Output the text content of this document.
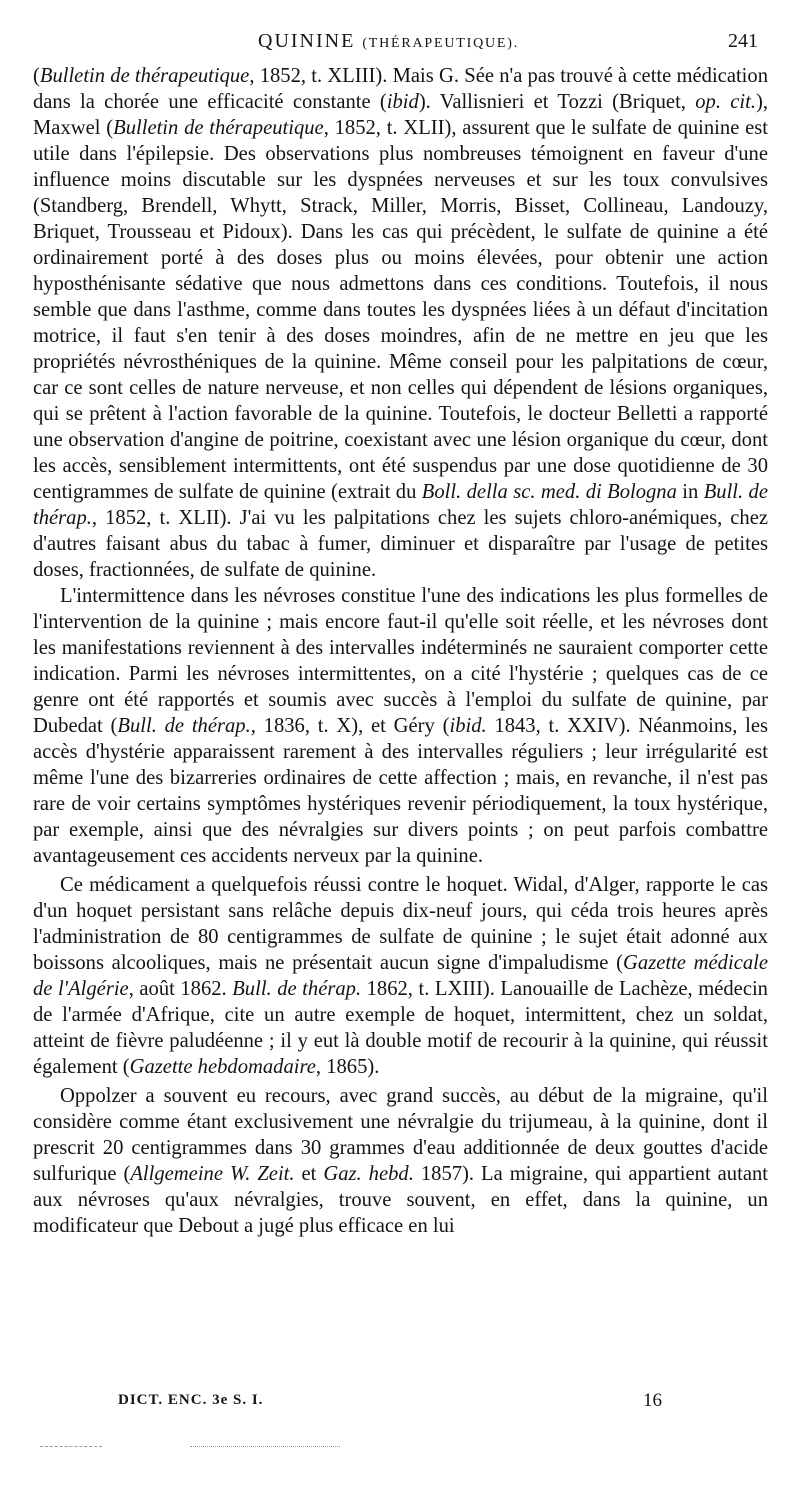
QUININE (THÉRAPEUTIQUE).	241

(Bulletin de thérapeutique, 1852, t. XLIII). Mais G. Sée n'a pas trouvé à cette médication dans la chorée une efficacité constante (ibid). Vallisnieri et Tozzi (Briquet, op. cit.), Maxwel (Bulletin de thérapeutique, 1852, t. XLII), assurent que le sulfate de quinine est utile dans l'épilepsie. Des observations plus nombreuses témoignent en faveur d'une influence moins discutable sur les dyspnées nerveuses et sur les toux convulsives (Standberg, Brendell, Whytt, Strack, Miller, Morris, Bisset, Collineau, Landouzy, Briquet, Trousseau et Pidoux). Dans les cas qui précèdent, le sulfate de quinine a été ordinairement porté à des doses plus ou moins élevées, pour obtenir une action hyposthénisante sédative que nous admettons dans ces conditions. Toutefois, il nous semble que dans l'asthme, comme dans toutes les dyspnées liées à un défaut d'incitation motrice, il faut s'en tenir à des doses moindres, afin de ne mettre en jeu que les propriétés névrosthéniques de la quinine. Même conseil pour les palpitations de cœur, car ce sont celles de nature nerveuse, et non celles qui dépendent de lésions organiques, qui se prêtent à l'action favorable de la quinine. Toutefois, le docteur Belletti a rapporté une observation d'angine de poitrine, coexistant avec une lésion organique du cœur, dont les accès, sensiblement intermittents, ont été suspendus par une dose quotidienne de 30 centigrammes de sulfate de quinine (extrait du Boll. della sc. med. di Bologna in Bull. de thérap., 1852, t. XLII). J'ai vu les palpitations chez les sujets chloro-anémiques, chez d'autres faisant abus du tabac à fumer, diminuer et disparaître par l'usage de petites doses, fractionnées, de sulfate de quinine.

L'intermittence dans les névroses constitue l'une des indications les plus formelles de l'intervention de la quinine ; mais encore faut-il qu'elle soit réelle, et les névroses dont les manifestations reviennent à des intervalles indéterminés ne sauraient comporter cette indication. Parmi les névroses intermittentes, on a cité l'hystérie ; quelques cas de ce genre ont été rapportés et soumis avec succès à l'emploi du sulfate de quinine, par Dubedat (Bull. de thérap., 1836, t. X), et Géry (ibid. 1843, t. XXIV). Néanmoins, les accès d'hystérie apparaissent rarement à des intervalles réguliers ; leur irrégularité est même l'une des bizarreries ordinaires de cette affection ; mais, en revanche, il n'est pas rare de voir certains symptômes hystériques revenir périodiquement, la toux hystérique, par exemple, ainsi que des névralgies sur divers points ; on peut parfois combattre avantageusement ces accidents nerveux par la quinine.

Ce médicament a quelquefois réussi contre le hoquet. Widal, d'Alger, rapporte le cas d'un hoquet persistant sans relâche depuis dix-neuf jours, qui céda trois heures après l'administration de 80 centigrammes de sulfate de quinine ; le sujet était adonné aux boissons alcooliques, mais ne présentait aucun signe d'impaludisme (Gazette médicale de l'Algérie, août 1862. Bull. de thérap. 1862, t. LXIII). Lanouaille de Lachèze, médecin de l'armée d'Afrique, cite un autre exemple de hoquet, intermittent, chez un soldat, atteint de fièvre paludéenne ; il y eut là double motif de recourir à la quinine, qui réussit également (Gazette hebdomadaire, 1865).

Oppolzer a souvent eu recours, avec grand succès, au début de la migraine, qu'il considère comme étant exclusivement une névralgie du trijumeau, à la quinine, dont il prescrit 20 centigrammes dans 30 grammes d'eau additionnée de deux gouttes d'acide sulfurique (Allgemeine W. Zeit. et Gaz. hebd. 1857). La migraine, qui appartient autant aux névroses qu'aux névralgies, trouve souvent, en effet, dans la quinine, un modificateur que Debout a jugé plus efficace en lui

DICT. ENC. 3e S. I.	16
